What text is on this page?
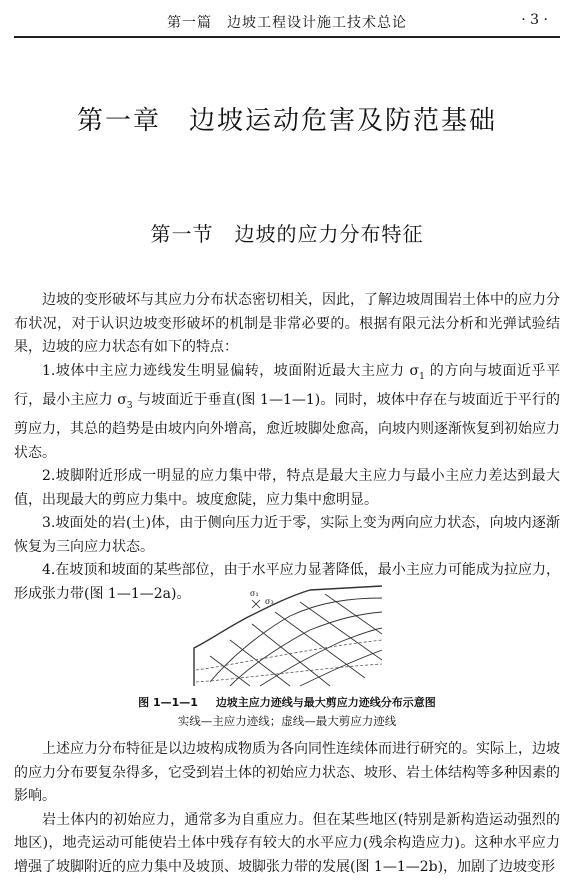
第一篇　边坡工程设计施工技术总论	· 3 ·
第一章　边坡运动危害及防范基础
第一节　边坡的应力分布特征

边坡的变形破坏与其应力分布状态密切相关，因此，了解边坡周围岩土体中的应力分布状况，对于认识边坡变形破坏的机制是非常必要的。根据有限元法分析和光弹试验结果，边坡的应力状态有如下的特点：

1.坡体中主应力迹线发生明显偏转，坡面附近最大主应力 $\sigma_1$ 的方向与坡面近乎平行，最小主应力 $\sigma_3$ 与坡面近于垂直(图 1—1—1)。同时，坡体中存在与坡面近于平行的剪应力，其总的趋势是由坡内向外增高，愈近坡脚处愈高，向坡内则逐渐恢复到初始应力状态。

2.坡脚附近形成一明显的应力集中带，特点是最大主应力与最小主应力差达到最大值，出现最大的剪应力集中。坡度愈陡，应力集中愈明显。

3.坡面处的岩(土)体，由于侧向压力近于零，实际上变为两向应力状态，向坡内逐渐恢复为三向应力状态。

4.在坡顶和坡面的某些部位，由于水平应力显著降低，最小主应力可能成为拉应力，形成张力带(图 1—1—2a)。	σ₁
σ₃
图 1—1—1 边坡主应力迹线与最大剪应力迹线分布示意图
实线—主应力迹线；虚线—最大剪应力迹线

上述应力分布特征是以边坡构成物质为各向同性连续体而进行研究的。实际上，边坡的应力分布要复杂得多，它受到岩土体的初始应力状态、坡形、岩土体结构等多种因素的影响。

岩土体内的初始应力，通常多为自重应力。但在某些地区(特别是新构造运动强烈的地区)，地壳运动可能使岩土体中残存有较大的水平应力(残余构造应力)。这种水平应力增强了坡脚附近的应力集中及坡顶、坡脚张力带的发展(图 1—1—2b)，加剧了边坡变形
